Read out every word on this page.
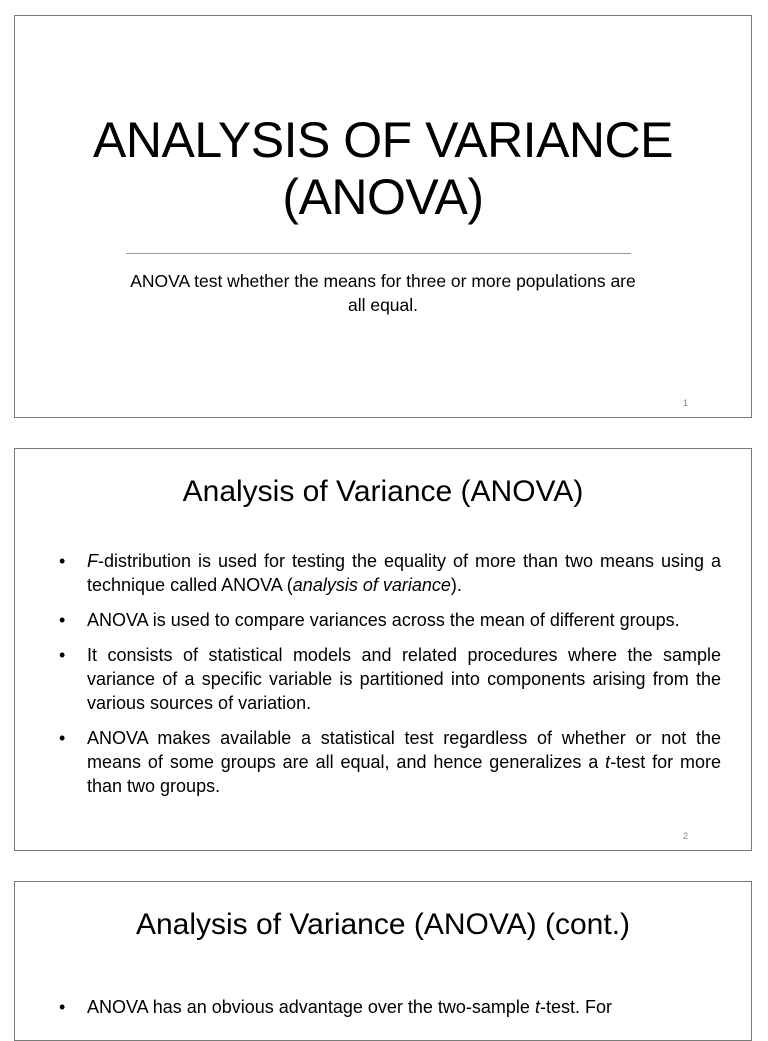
ANALYSIS OF VARIANCE
(ANOVA)
ANOVA test whether the means for three or more populations are
all equal.
1
Analysis of Variance (ANOVA)
• F-distribution is used for testing the equality of more than two means using a technique called ANOVA (analysis of variance).
• ANOVA is used to compare variances across the mean of different groups.
• It consists of statistical models and related procedures where the sample variance of a specific variable is partitioned into components arising from the various sources of variation.
• ANOVA makes available a statistical test regardless of whether or not the means of some groups are all equal, and hence generalizes a t-test for more than two groups.
2
Analysis of Variance (ANOVA) (cont.)
• ANOVA has an obvious advantage over the two-sample t-test. For
